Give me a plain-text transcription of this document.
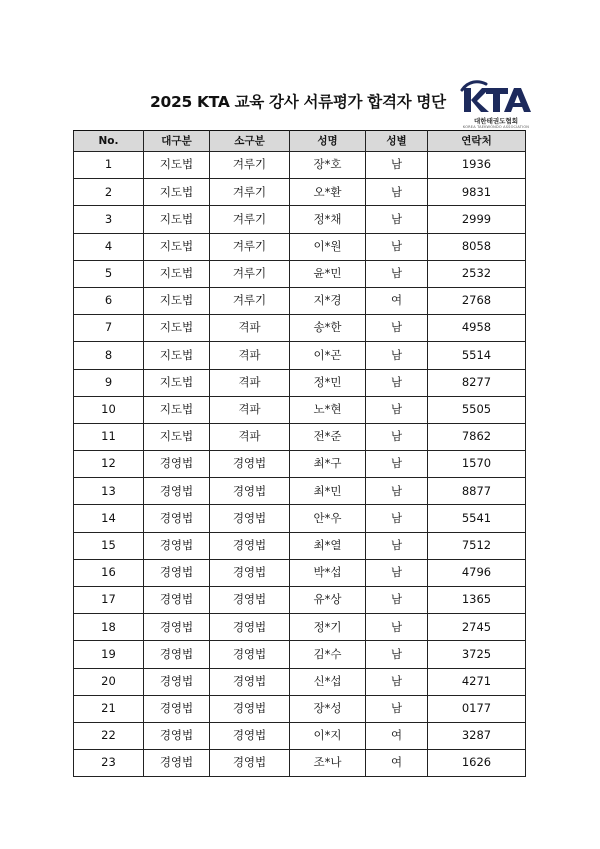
2025 KTA 교육 강사 서류평가 합격자 명단
대한태권도협회
KOREA TAEKWONDO ASSOCIATION
No.	대구분	소구분	성명	성별	연락처
1	지도법	겨루기	장*호	남	1936
2	지도법	겨루기	오*환	남	9831
3	지도법	겨루기	정*채	남	2999
4	지도법	겨루기	이*원	남	8058
5	지도법	겨루기	윤*민	남	2532
6	지도법	겨루기	지*경	여	2768
7	지도법	격파	송*한	남	4958
8	지도법	격파	이*곤	남	5514
9	지도법	격파	정*민	남	8277
10	지도법	격파	노*현	남	5505
11	지도법	격파	전*준	남	7862
12	경영법	경영법	최*구	남	1570
13	경영법	경영법	최*민	남	8877
14	경영법	경영법	안*우	남	5541
15	경영법	경영법	최*열	남	7512
16	경영법	경영법	박*섭	남	4796
17	경영법	경영법	유*상	남	1365
18	경영법	경영법	정*기	남	2745
19	경영법	경영법	김*수	남	3725
20	경영법	경영법	신*섭	남	4271
21	경영법	경영법	장*성	남	0177
22	경영법	경영법	이*지	여	3287
23	경영법	경영법	조*나	여	1626
